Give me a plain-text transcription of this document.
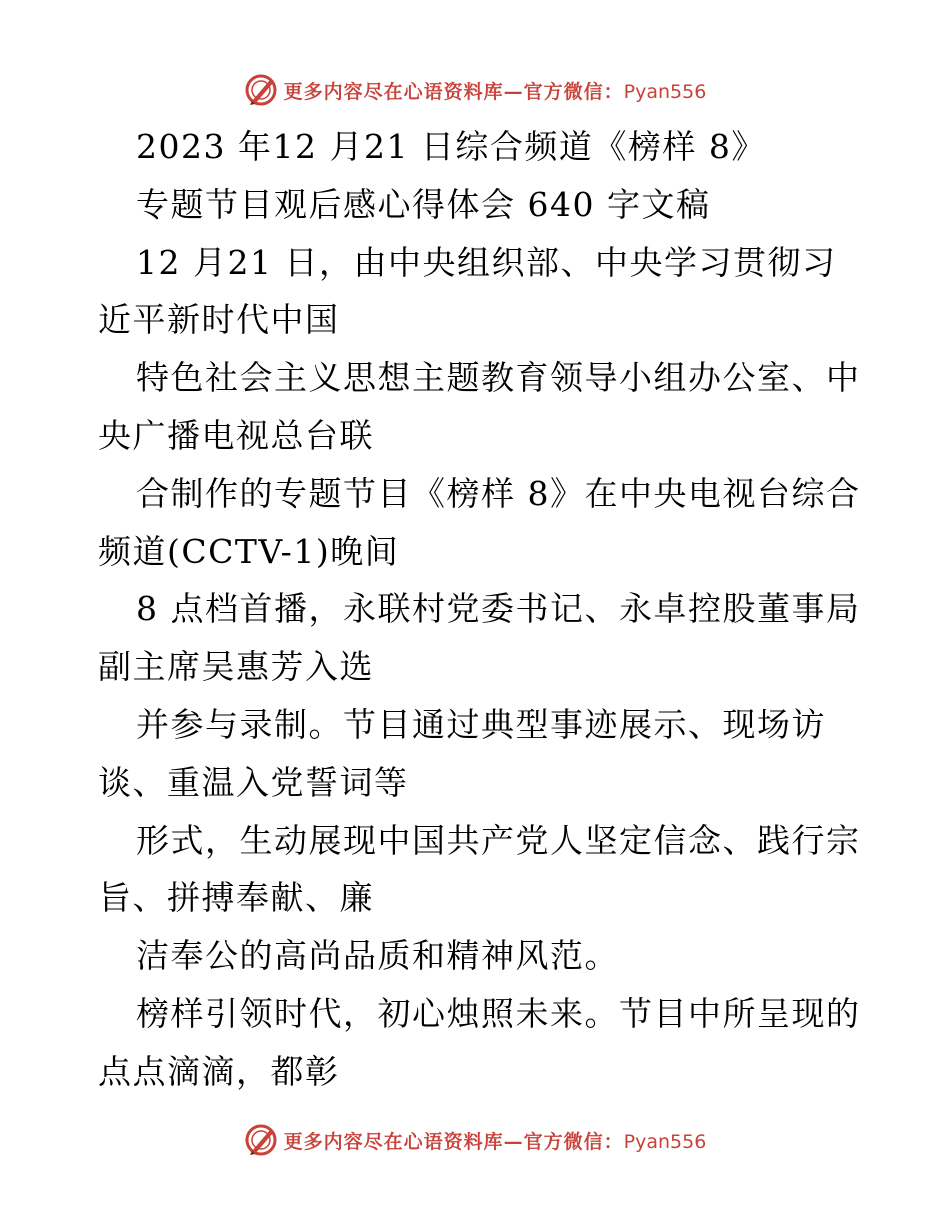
更多内容尽在心语资料库—官方微信：Pyan556
2023 年12 月21 日综合频道《榜样 8》
专题节目观后感心得体会 640 字文稿
12 月21 日，由中央组织部、中央学习贯彻习
近平新时代中国
特色社会主义思想主题教育领导小组办公室、中
央广播电视总台联
合制作的专题节目《榜样 8》在中央电视台综合
频道(CCTV-1)晚间
8 点档首播，永联村党委书记、永卓控股董事局
副主席吴惠芳入选
并参与录制。节目通过典型事迹展示、现场访
谈、重温入党誓词等
形式，生动展现中国共产党人坚定信念、践行宗
旨、拼搏奉献、廉
洁奉公的高尚品质和精神风范。
榜样引领时代，初心烛照未来。节目中所呈现的
点点滴滴，都彰
更多内容尽在心语资料库—官方微信：Pyan556
